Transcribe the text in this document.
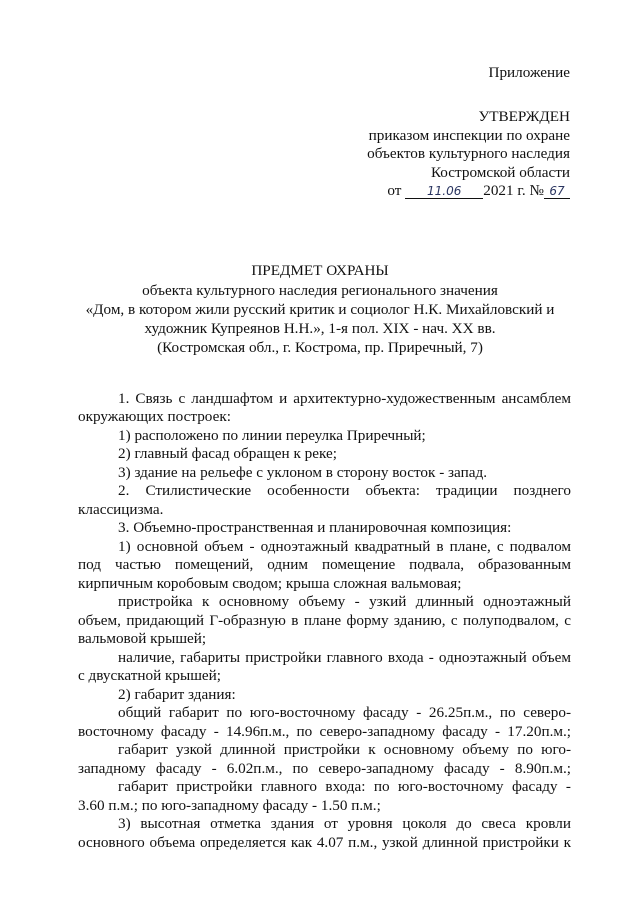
Приложение
УТВЕРЖДЕН
приказом инспекции по охране
объектов культурного наследия
Костромской области
от 11.06 2021 г. № 67
ПРЕДМЕТ ОХРАНЫ
объекта культурного наследия регионального значения
«Дом, в котором жили русский критик и социолог Н.К. Михайловский и
художник Купреянов Н.Н.», 1-я пол. XIX - нач. XX вв.
(Костромская обл., г. Кострома, пр. Приречный, 7)
1. Связь с ландшафтом и архитектурно-художественным ансамблем
окружающих построек:
1) расположено по линии переулка Приречный;
2) главный фасад обращен к реке;
3) здание на рельефе с уклоном в сторону восток - запад.
2. Стилистические особенности объекта: традиции позднего
классицизма.
3. Объемно-пространственная и планировочная композиция:
1) основной объем - одноэтажный квадратный в плане, с подвалом
под частью помещений, одним помещение подвала, образованным
кирпичным коробовым сводом; крыша сложная вальмовая;
пристройка к основному объему - узкий длинный одноэтажный
объем, придающий Г-образную в плане форму зданию, с полуподвалом, с
вальмовой крышей;
наличие, габариты пристройки главного входа - одноэтажный объем
с двускатной крышей;
2) габарит здания:
общий габарит по юго-восточному фасаду - 26.25п.м., по северо-
восточному фасаду - 14.96п.м., по северо-западному фасаду - 17.20п.м.;
габарит узкой длинной пристройки к основному объему по юго-
западному фасаду - 6.02п.м., по северо-западному фасаду - 8.90п.м.;
габарит пристройки главного входа: по юго-восточному фасаду -
3.60 п.м.; по юго-западному фасаду - 1.50 п.м.;
3) высотная отметка здания от уровня цоколя до свеса кровли
основного объема определяется как 4.07 п.м., узкой длинной пристройки к
